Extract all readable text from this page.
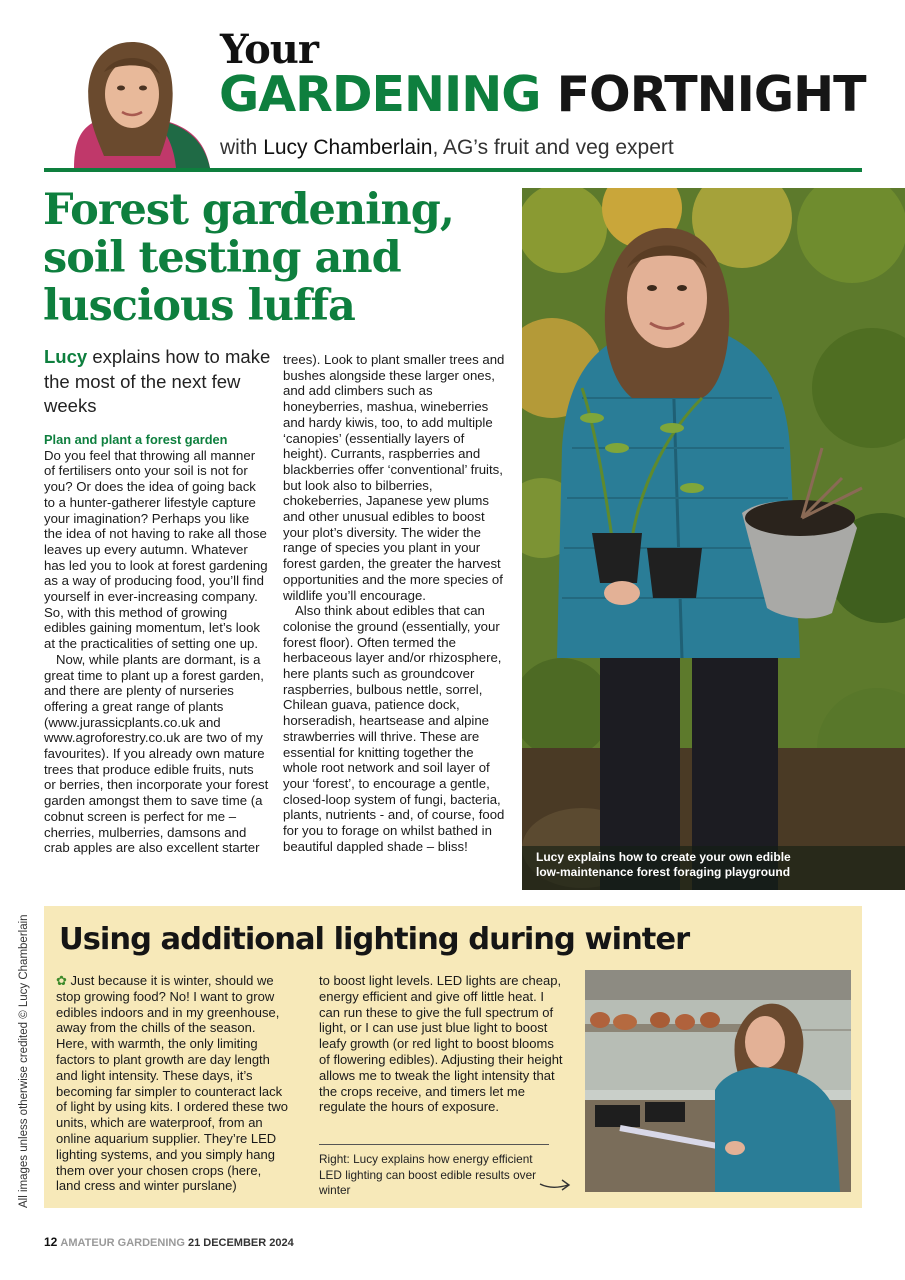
Your
GARDENING FORTNIGHT
with Lucy Chamberlain, AG’s fruit and veg expert
Forest gardening,
soil testing and
luscious luffa
Lucy explains how to make the most of the next few weeks

Plan and plant a forest garden

Do you feel that throwing all manner of fertilisers onto your soil is not for you? Or does the idea of going back to a hunter-gatherer lifestyle capture your imagination? Perhaps you like the idea of not having to rake all those leaves up every autumn. Whatever has led you to look at forest gardening as a way of producing food, you’ll find yourself in ever-increasing company. So, with this method of growing edibles gaining momentum, let’s look at the practicalities of setting one up.

Now, while plants are dormant, is a great time to plant up a forest garden, and there are plenty of nurseries offering a great range of plants (www.jurassicplants.co.uk and www.agroforestry.co.uk are two of my favourites). If you already own mature trees that produce edible fruits, nuts or berries, then incorporate your forest garden amongst them to save time (a cobnut screen is perfect for me – cherries, mulberries, damsons and crab apples are also excellent starter

trees). Look to plant smaller trees and bushes alongside these larger ones, and add climbers such as honeyberries, mashua, wineberries and hardy kiwis, too, to add multiple ‘canopies’ (essentially layers of height). Currants, raspberries and blackberries offer ‘conventional’ fruits, but look also to bilberries, chokeberries, Japanese yew plums and other unusual edibles to boost your plot’s diversity. The wider the range of species you plant in your forest garden, the greater the harvest opportunities and the more species of wildlife you’ll encourage.

Also think about edibles that can colonise the ground (essentially, your forest floor). Often termed the herbaceous layer and/or rhizosphere, here plants such as groundcover raspberries, bulbous nettle, sorrel, Chilean guava, patience dock, horseradish, heartsease and alpine strawberries will thrive. These are essential for knitting together the whole root network and soil layer of your ‘forest’, to encourage a gentle, closed-loop system of fungi, bacteria, plants, nutrients - and, of course, food for you to forage on whilst bathed in beautiful dappled shade – bliss!

Lucy explains how to create your own edible
low-maintenance forest foraging playground
All images unless otherwise credited © Lucy Chamberlain Using additional lighting during winter

✿ Just because it is winter, should we stop growing food? No! I want to grow edibles indoors and in my greenhouse, away from the chills of the season. Here, with warmth, the only limiting factors to plant growth are day length and light intensity. These days, it’s becoming far simpler to counteract lack of light by using kits. I ordered these two units, which are waterproof, from an online aquarium supplier. They’re LED lighting systems, and you simply hang them over your chosen crops (here, land cress and winter purslane)

to boost light levels. LED lights are cheap, energy efficient and give off little heat. I can run these to give the full spectrum of light, or I can use just blue light to boost leafy growth (or red light to boost blooms of flowering edibles). Adjusting their height allows me to tweak the light intensity that the crops receive, and timers let me regulate the hours of exposure.

Right: Lucy explains how energy efficient LED lighting can boost edible results over winter
12 AMATEUR GARDENING 21 DECEMBER 2024
